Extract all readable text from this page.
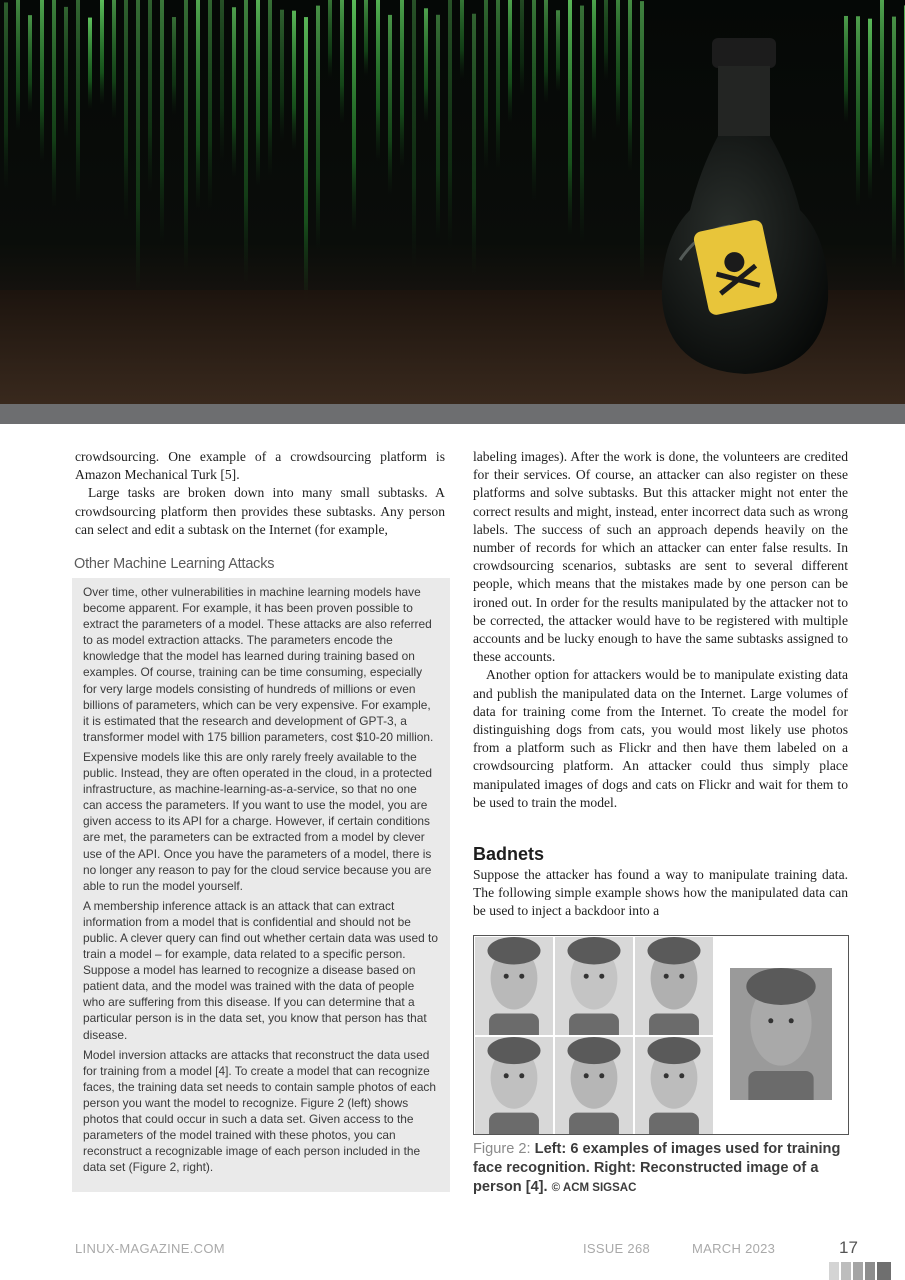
crowdsourcing. One example of a crowdsourcing platform is Amazon Mechanical Turk [5].

Large tasks are broken down into many small subtasks. A crowdsourcing platform then provides these subtasks. Any person can select and edit a subtask on the Internet (for example,

Other Machine Learning Attacks

Over time, other vulnerabilities in machine learning models have become apparent. For example, it has been proven possible to extract the parameters of a model. These attacks are also referred to as model extraction attacks. The parameters encode the knowledge that the model has learned during training based on examples. Of course, training can be time consuming, especially for very large models consisting of hundreds of millions or even billions of parameters, which can be very expensive. For example, it is estimated that the research and development of GPT-3, a transformer model with 175 billion parameters, cost $10-20 million.

Expensive models like this are only rarely freely available to the public. Instead, they are often operated in the cloud, in a protected infrastructure, as machine-learning-as-a-service, so that no one can access the parameters. If you want to use the model, you are given access to its API for a charge. However, if certain conditions are met, the parameters can be extracted from a model by clever use of the API. Once you have the parameters of a model, there is no longer any reason to pay for the cloud service because you are able to run the model yourself.

A membership inference attack is an attack that can extract information from a model that is confidential and should not be public. A clever query can find out whether certain data was used to train a model – for example, data related to a specific person. Suppose a model has learned to recognize a disease based on patient data, and the model was trained with the data of people who are suffering from this disease. If you can determine that a particular person is in the data set, you know that person has that disease.

Model inversion attacks are attacks that reconstruct the data used for training from a model [4]. To create a model that can recognize faces, the training data set needs to contain sample photos of each person you want the model to recognize. Figure 2 (left) shows photos that could occur in such a data set. Given access to the parameters of the model trained with these photos, you can reconstruct a recognizable image of each person included in the data set (Figure 2, right).

labeling images). After the work is done, the volunteers are credited for their services. Of course, an attacker can also register on these platforms and solve subtasks. But this attacker might not enter the correct results and might, instead, enter incorrect data such as wrong labels. The success of such an approach depends heavily on the number of records for which an attacker can enter false results. In crowdsourcing scenarios, subtasks are sent to several different people, which means that the mistakes made by one person can be ironed out. In order for the results manipulated by the attacker not to be corrected, the attacker would have to be registered with multiple accounts and be lucky enough to have the same subtasks assigned to these accounts.

Another option for attackers would be to manipulate existing data and publish the manipulated data on the Internet. Large volumes of data for training come from the Internet. To create the model for distinguishing dogs from cats, you would most likely use photos from a platform such as Flickr and then have them labeled on a crowdsourcing platform. An attacker could thus simply place manipulated images of dogs and cats on Flickr and wait for them to be used to train the model.

Badnets

Suppose the attacker has found a way to manipulate training data. The following simple example shows how the manipulated data can be used to inject a backdoor into a

Figure 2: Left: 6 examples of images used for training face recognition. Right: Reconstructed image of a person [4]. © ACM SIGSAC
LINUX-MAGAZINE.COM	ISSUE 268	MARCH 2023	17
